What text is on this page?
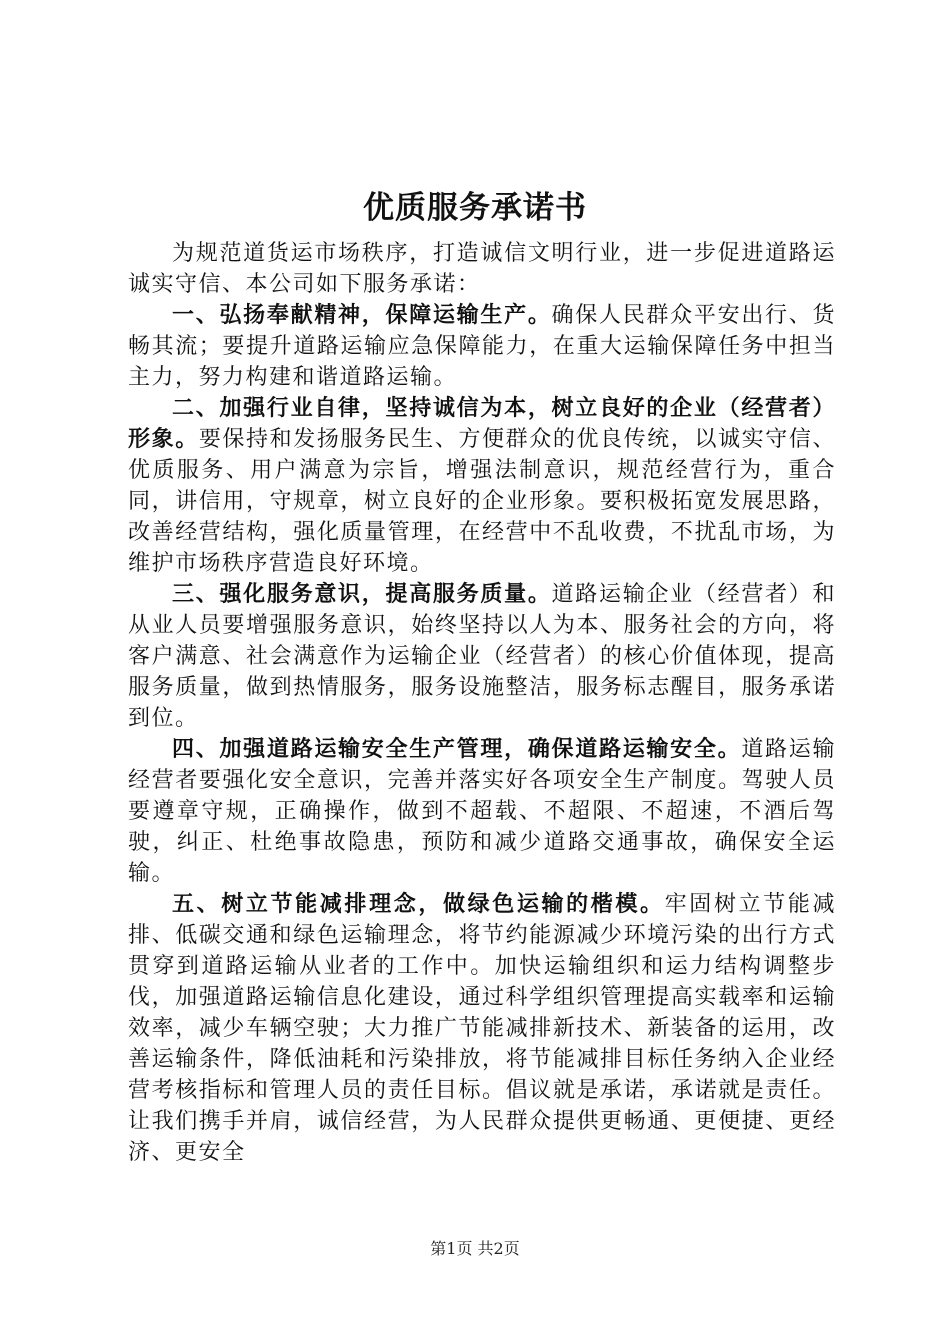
优质服务承诺书

为规范道货运市场秩序，打造诚信文明行业，进一步促进道路运诚实守信、本公司如下服务承诺：

一、弘扬奉献精神，保障运输生产。确保人民群众平安出行、货畅其流；要提升道路运输应急保障能力，在重大运输保障任务中担当主力，努力构建和谐道路运输。

二、加强行业自律，坚持诚信为本，树立良好的企业（经营者）形象。要保持和发扬服务民生、方便群众的优良传统，以诚实守信、优质服务、用户满意为宗旨，增强法制意识，规范经营行为，重合同，讲信用，守规章，树立良好的企业形象。要积极拓宽发展思路，改善经营结构，强化质量管理，在经营中不乱收费，不扰乱市场，为维护市场秩序营造良好环境。

三、强化服务意识，提高服务质量。道路运输企业（经营者）和从业人员要增强服务意识，始终坚持以人为本、服务社会的方向，将客户满意、社会满意作为运输企业（经营者）的核心价值体现，提高服务质量，做到热情服务，服务设施整洁，服务标志醒目，服务承诺到位。

四、加强道路运输安全生产管理，确保道路运输安全。道路运输经营者要强化安全意识，完善并落实好各项安全生产制度。驾驶人员要遵章守规，正确操作，做到不超载、不超限、不超速，不酒后驾驶，纠正、杜绝事故隐患，预防和减少道路交通事故，确保安全运输。

五、树立节能减排理念，做绿色运输的楷模。牢固树立节能减排、低碳交通和绿色运输理念，将节约能源减少环境污染的出行方式贯穿到道路运输从业者的工作中。加快运输组织和运力结构调整步伐，加强道路运输信息化建设，通过科学组织管理提高实载率和运输效率，减少车辆空驶；大力推广节能减排新技术、新装备的运用，改善运输条件，降低油耗和污染排放，将节能减排目标任务纳入企业经营考核指标和管理人员的责任目标。倡议就是承诺，承诺就是责任。让我们携手并肩，诚信经营，为人民群众提供更畅通、更便捷、更经济、更安全

第1页 共2页
